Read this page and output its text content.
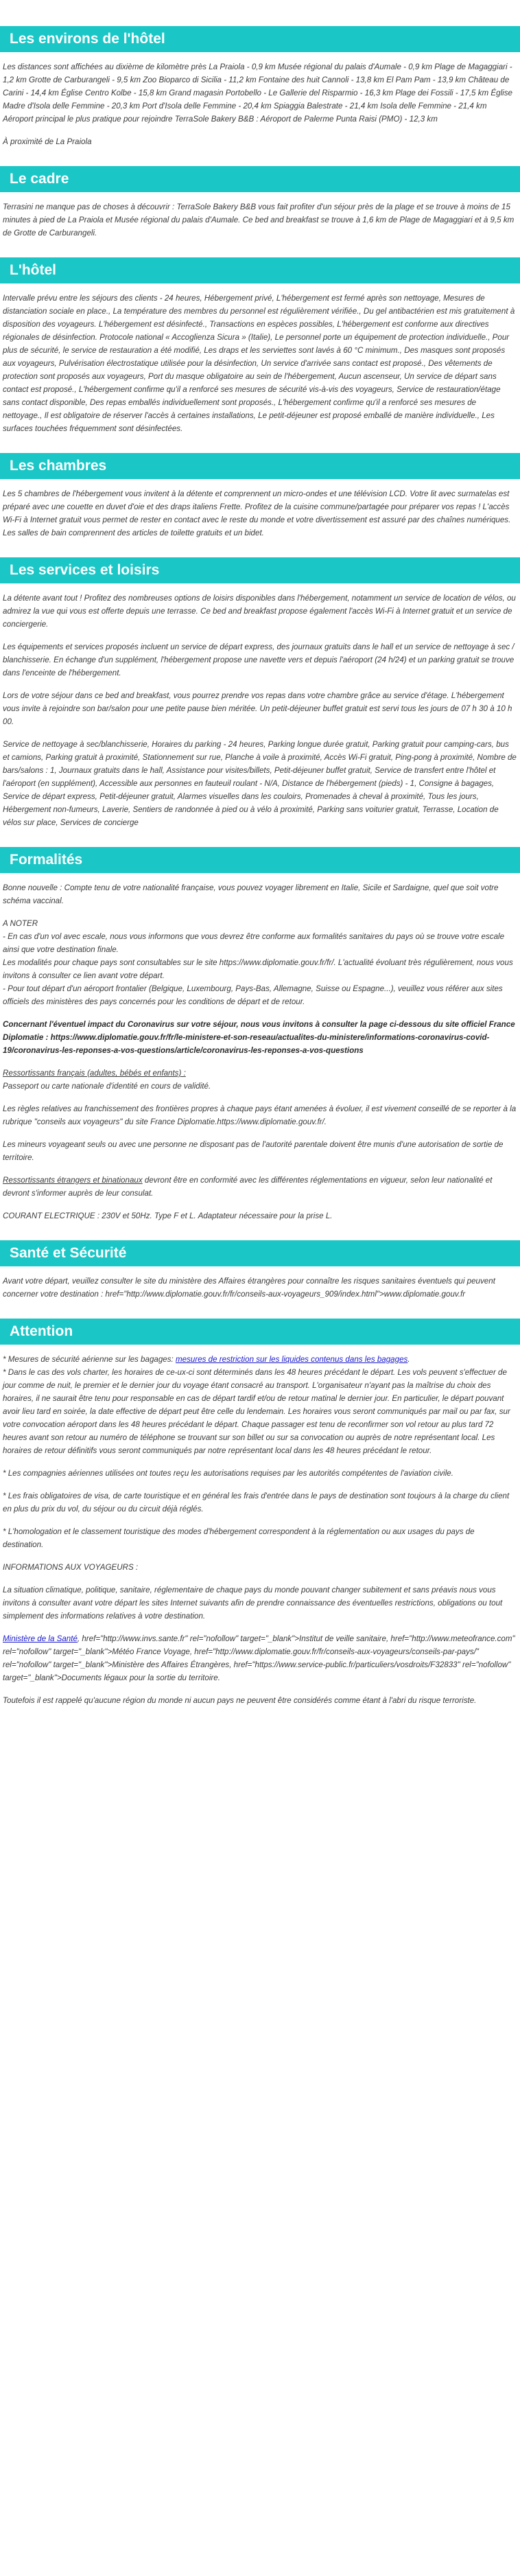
Les environs de l'hôtel

Les distances sont affichées au dixième de kilomètre près La Praiola - 0,9 km Musée régional du palais d'Aumale - 0,9 km Plage de Magaggiari - 1,2 km Grotte de Carburangeli - 9,5 km Zoo Bioparco di Sicilia - 11,2 km Fontaine des huit Cannoli - 13,8 km El Pam Pam - 13,9 km Château de Carini - 14,4 km Église Centro Kolbe - 15,8 km Grand magasin Portobello - Le Gallerie del Risparmio - 16,3 km Plage dei Fossili - 17,5 km Église Madre d'Isola delle Femmine - 20,3 km Port d'Isola delle Femmine - 20,4 km Spiaggia Balestrate - 21,4 km Isola delle Femmine - 21,4 km Aéroport principal le plus pratique pour rejoindre TerraSole Bakery B&B : Aéroport de Palerme Punta Raisi (PMO) - 12,3 km

À proximité de La Praiola

Le cadre

Terrasini ne manque pas de choses à découvrir : TerraSole Bakery B&B vous fait profiter d'un séjour près de la plage et se trouve à moins de 15 minutes à pied de La Praiola et Musée régional du palais d'Aumale. Ce bed and breakfast se trouve à 1,6 km de Plage de Magaggiari et à 9,5 km de Grotte de Carburangeli.

L'hôtel

Intervalle prévu entre les séjours des clients - 24 heures, Hébergement privé, L'hébergement est fermé après son nettoyage, Mesures de distanciation sociale en place., La température des membres du personnel est régulièrement vérifiée., Du gel antibactérien est mis gratuitement à disposition des voyageurs. L'hébergement est désinfecté., Transactions en espèces possibles, L'hébergement est conforme aux directives régionales de désinfection. Protocole national « Accoglienza Sicura » (Italie), Le personnel porte un équipement de protection individuelle., Pour plus de sécurité, le service de restauration a été modifié, Les draps et les serviettes sont lavés à 60 °C minimum., Des masques sont proposés aux voyageurs, Pulvérisation électrostatique utilisée pour la désinfection, Un service d'arrivée sans contact est proposé., Des vêtements de protection sont proposés aux voyageurs, Port du masque obligatoire au sein de l'hébergement, Aucun ascenseur, Un service de départ sans contact est proposé., L'hébergement confirme qu'il a renforcé ses mesures de sécurité vis-à-vis des voyageurs, Service de restauration/étage sans contact disponible, Des repas emballés individuellement sont proposés., L'hébergement confirme qu'il a renforcé ses mesures de nettoyage., Il est obligatoire de réserver l'accès à certaines installations, Le petit-déjeuner est proposé emballé de manière individuelle., Les surfaces touchées fréquemment sont désinfectées.

Les chambres

Les 5 chambres de l'hébergement vous invitent à la détente et comprennent un micro-ondes et une télévision LCD. Votre lit avec surmatelas est préparé avec une couette en duvet d'oie et des draps italiens Frette. Profitez de la cuisine commune/partagée pour préparer vos repas ! L'accès Wi-Fi à Internet gratuit vous permet de rester en contact avec le reste du monde et votre divertissement est assuré par des chaînes numériques. Les salles de bain comprennent des articles de toilette gratuits et un bidet.

Les services et loisirs

La détente avant tout ! Profitez des nombreuses options de loisirs disponibles dans l'hébergement, notamment un service de location de vélos, ou admirez la vue qui vous est offerte depuis une terrasse. Ce bed and breakfast propose également l'accès Wi-Fi à Internet gratuit et un service de conciergerie.

Les équipements et services proposés incluent un service de départ express, des journaux gratuits dans le hall et un service de nettoyage à sec / blanchisserie. En échange d'un supplément, l'hébergement propose une navette vers et depuis l'aéroport (24 h/24) et un parking gratuit se trouve dans l'enceinte de l'hébergement.

Lors de votre séjour dans ce bed and breakfast, vous pourrez prendre vos repas dans votre chambre grâce au service d'étage. L'hébergement vous invite à rejoindre son bar/salon pour une petite pause bien méritée. Un petit-déjeuner buffet gratuit est servi tous les jours de 07 h 30 à 10 h 00.

Service de nettoyage à sec/blanchisserie, Horaires du parking - 24 heures, Parking longue durée gratuit, Parking gratuit pour camping-cars, bus et camions, Parking gratuit à proximité, Stationnement sur rue, Planche à voile à proximité, Accès Wi-Fi gratuit, Ping-pong à proximité, Nombre de bars/salons : 1, Journaux gratuits dans le hall, Assistance pour visites/billets, Petit-déjeuner buffet gratuit, Service de transfert entre l'hôtel et l'aéroport (en supplément), Accessible aux personnes en fauteuil roulant - N/A, Distance de l'hébergement (pieds) - 1, Consigne à bagages, Service de départ express, Petit-déjeuner gratuit, Alarmes visuelles dans les couloirs, Promenades à cheval à proximité, Tous les jours, Hébergement non-fumeurs, Laverie, Sentiers de randonnée à pied ou à vélo à proximité, Parking sans voiturier gratuit, Terrasse, Location de vélos sur place, Services de concierge

Formalités

Bonne nouvelle : Compte tenu de votre nationalité française, vous pouvez voyager librement en Italie, Sicile et Sardaigne, quel que soit votre schéma vaccinal.

A NOTER
- En cas d'un vol avec escale, nous vous informons que vous devrez être conforme aux formalités sanitaires du pays où se trouve votre escale ainsi que votre destination finale.
Les modalités pour chaque pays sont consultables sur le site https://www.diplomatie.gouv.fr/fr/. L'actualité évoluant très régulièrement, nous vous invitons à consulter ce lien avant votre départ.
- Pour tout départ d'un aéroport frontalier (Belgique, Luxembourg, Pays-Bas, Allemagne, Suisse ou Espagne...), veuillez vous référer aux sites officiels des ministères des pays concernés pour les conditions de départ et de retour.

Concernant l'éventuel impact du Coronavirus sur votre séjour, nous vous invitons à consulter la page ci-dessous du site officiel France Diplomatie : https://www.diplomatie.gouv.fr/fr/le-ministere-et-son-reseau/actualites-du-ministere/informations-coronavirus-covid-19/coronavirus-les-reponses-a-vos-questions/article/coronavirus-les-reponses-a-vos-questions

Ressortissants français (adultes, bébés et enfants) :
Passeport ou carte nationale d'identité en cours de validité.

Les règles relatives au franchissement des frontières propres à chaque pays étant amenées à évoluer, il est vivement conseillé de se reporter à la rubrique "conseils aux voyageurs" du site France Diplomatie.https://www.diplomatie.gouv.fr/.

Les mineurs voyageant seuls ou avec une personne ne disposant pas de l'autorité parentale doivent être munis d'une autorisation de sortie de territoire.

Ressortissants étrangers et binationaux devront être en conformité avec les différentes réglementations en vigueur, selon leur nationalité et devront s'informer auprès de leur consulat.

COURANT ELECTRIQUE : 230V et 50Hz. Type F et L. Adaptateur nécessaire pour la prise L.

Santé et Sécurité

Avant votre départ, veuillez consulter le site du ministère des Affaires étrangères pour connaître les risques sanitaires éventuels qui peuvent concerner votre destination : href="http://www.diplomatie.gouv.fr/fr/conseils-aux-voyageurs_909/index.html">www.diplomatie.gouv.fr

Attention

* Mesures de sécurité aérienne sur les bagages: mesures de restriction sur les liquides contenus dans les bagages.
* Dans le cas des vols charter, les horaires de ce-ux-ci sont déterminés dans les 48 heures précédant le départ. Les vols peuvent s'effectuer de jour comme de nuit, le premier et le dernier jour du voyage étant consacré au transport. L'organisateur n'ayant pas la maîtrise du choix des horaires, il ne saurait être tenu pour responsable en cas de départ tardif et/ou de retour matinal le dernier jour. En particulier, le départ pouvant avoir lieu tard en soirée, la date effective de départ peut être celle du lendemain. Les horaires vous seront communiqués par mail ou par fax, sur votre convocation aéroport dans les 48 heures précédant le départ. Chaque passager est tenu de reconfirmer son vol retour au plus tard 72 heures avant son retour au numéro de téléphone se trouvant sur son billet ou sur sa convocation ou auprès de notre représentant local. Les horaires de retour définitifs vous seront communiqués par notre représentant local dans les 48 heures précédant le retour.

* Les compagnies aériennes utilisées ont toutes reçu les autorisations requises par les autorités compétentes de l'aviation civile.

* Les frais obligatoires de visa, de carte touristique et en général les frais d'entrée dans le pays de destination sont toujours à la charge du client en plus du prix du vol, du séjour ou du circuit déjà réglés.

* L'homologation et le classement touristique des modes d'hébergement correspondent à la réglementation ou aux usages du pays de destination.

INFORMATIONS AUX VOYAGEURS :

La situation climatique, politique, sanitaire, réglementaire de chaque pays du monde pouvant changer subitement et sans préavis nous vous invitons à consulter avant votre départ les sites Internet suivants afin de prendre connaissance des éventuelles restrictions, obligations ou tout simplement des informations relatives à votre destination.

Ministère de la Santé, href="http://www.invs.sante.fr" rel="nofollow" target="_blank">Institut de veille sanitaire, href="http://www.meteofrance.com" rel="nofollow" target="_blank">Météo France Voyage, href="http://www.diplomatie.gouv.fr/fr/conseils-aux-voyageurs/conseils-par-pays/" rel="nofollow" target="_blank">Ministère des Affaires Étrangères, href="https://www.service-public.fr/particuliers/vosdroits/F32833" rel="nofollow" target="_blank">Documents légaux pour la sortie du territoire.

Toutefois il est rappelé qu'aucune région du monde ni aucun pays ne peuvent être considérés comme étant à l'abri du risque terroriste.
